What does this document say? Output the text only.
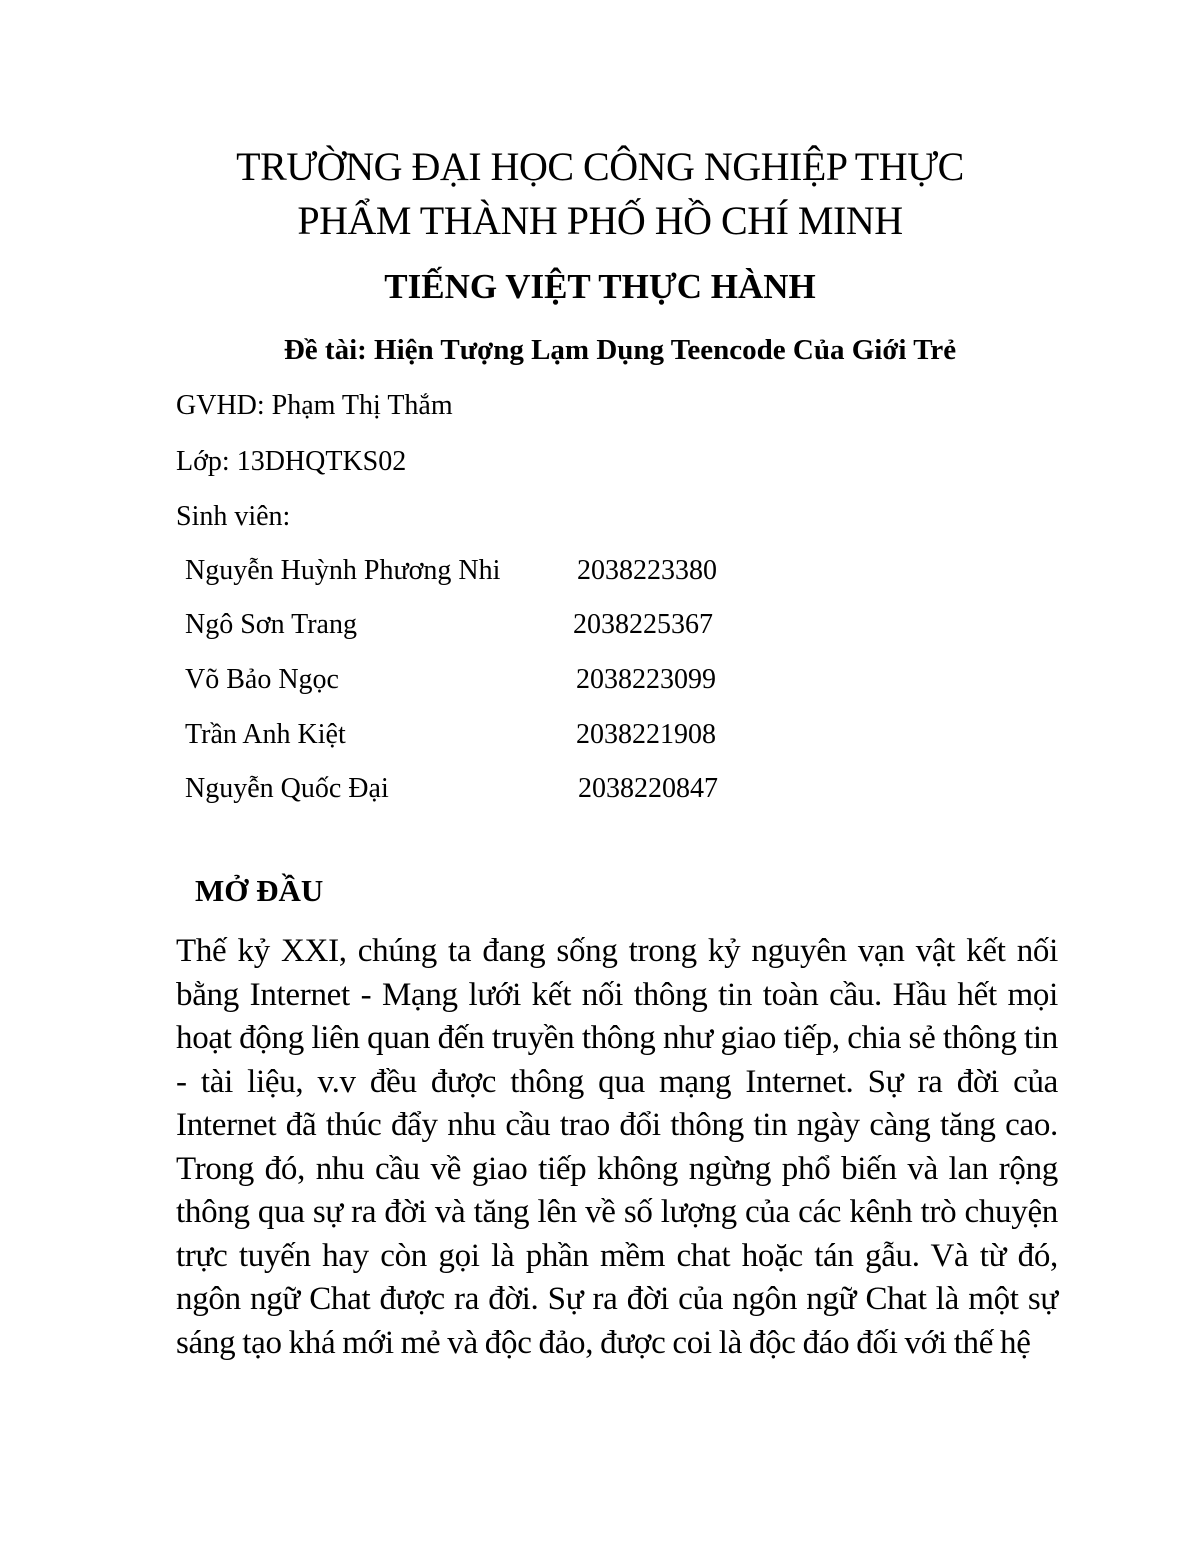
TRƯỜNG ĐẠI HỌC CÔNG NGHIỆP THỰC
PHẨM THÀNH PHỐ HỒ CHÍ MINH
TIẾNG VIỆT THỰC HÀNH
Đề tài: Hiện Tượng Lạm Dụng Teencode Của Giới Trẻ
GVHD: Phạm Thị Thắm
Lớp: 13DHQTKS02
Sinh viên:
Nguyễn Huỳnh Phương Nhi	2038223380
Ngô Sơn Trang	2038225367
Võ Bảo Ngọc	2038223099
Trần Anh Kiệt	2038221908
Nguyễn Quốc Đại	2038220847
MỞ ĐẦU
Thế kỷ XXI, chúng ta đang sống trong kỷ nguyên vạn vật kết nối bằng Internet - Mạng lưới kết nối thông tin toàn cầu. Hầu hết mọi hoạt động liên quan đến truyền thông như giao tiếp, chia sẻ thông tin - tài liệu, v.v đều được thông qua mạng Internet. Sự ra đời của Internet đã thúc đẩy nhu cầu trao đổi thông tin ngày càng tăng cao. Trong đó, nhu cầu về giao tiếp không ngừng phổ biến và lan rộng thông qua sự ra đời và tăng lên về số lượng của các kênh trò chuyện trực tuyến hay còn gọi là phần mềm chat hoặc tán gẫu. Và từ đó, ngôn ngữ Chat được ra đời. Sự ra đời của ngôn ngữ Chat là một sự sáng tạo khá mới mẻ và độc đảo, được coi là độc đáo đối với thế hệ
